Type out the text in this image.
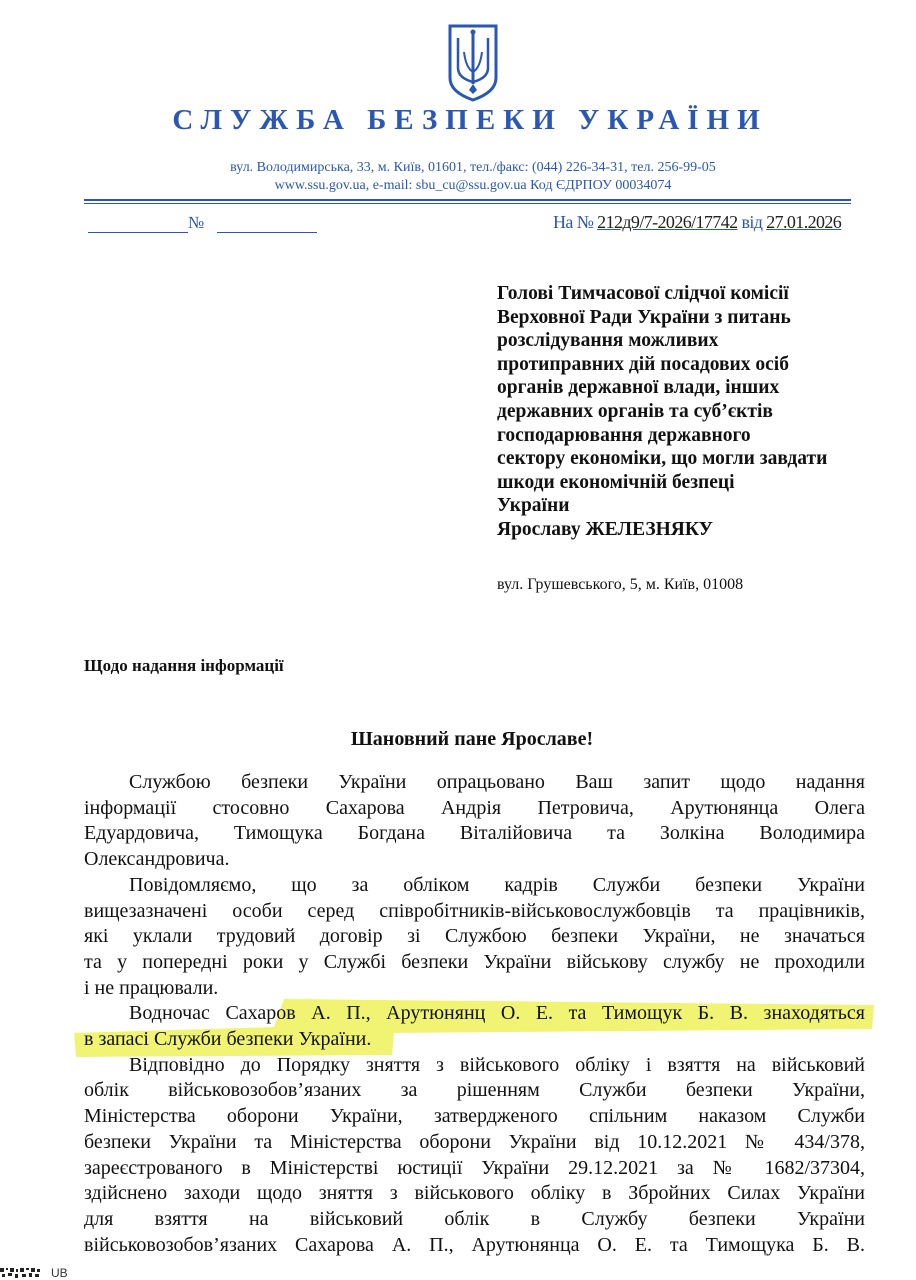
СЛУЖБА БЕЗПЕКИ УКРАЇНИ
вул. Володимирська, 33, м. Київ, 01601, тел./факс: (044) 226-34-31, тел. 256-99-05
www.ssu.gov.ua, e-mail: sbu_cu@ssu.gov.ua Код ЄДРПОУ 00034074
№	На № 212д9/7-2026/17742 від 27.01.2026
Голові Тимчасової слідчої комісії
Верховної Ради України з питань
розслідування можливих
протиправних дій посадових осіб
органів державної влади, інших
державних органів та суб’єктів
господарювання державного
сектору економіки, що могли завдати
шкоди економічній безпеці
України
Ярославу ЖЕЛЕЗНЯКУ
вул. Грушевського, 5, м. Київ, 01008
Щодо надання інформації
Шановний пане Ярославе!

Службою безпеки України опрацьовано Ваш запит щодо надання
інформації стосовно Сахарова Андрія Петровича, Арутюнянца Олега
Едуардовича, Тимощука Богдана Віталійовича та Золкіна Володимира
Олександровича.

Повідомляємо, що за обліком кадрів Служби безпеки України
вищезазначені особи серед співробітників-військовослужбовців та працівників,
які уклали трудовий договір зі Службою безпеки України, не значаться
та у попередні роки у Службі безпеки України військову службу не проходили
і не працювали.

Водночас Сахаров А. П., Арутюнянц О. Е. та Тимощук Б. В. знаходяться
в запасі Служби безпеки України.

Відповідно до Порядку зняття з військового обліку і взяття на військовий
облік військовозобов’язаних за рішенням Служби безпеки України,
Міністерства оборони України, затвердженого спільним наказом Служби
безпеки України та Міністерства оборони України від 10.12.2021 № 434/378,
зареєстрованого в Міністерстві юстиції України 29.12.2021 за № 1682/37304,
здійснено заходи щодо зняття з військового обліку в Збройних Силах України
для взяття на військовий облік в Службу безпеки України
військовозобов’язаних Сахарова А. П., Арутюнянца О. Е. та Тимощука Б. В.

UB
